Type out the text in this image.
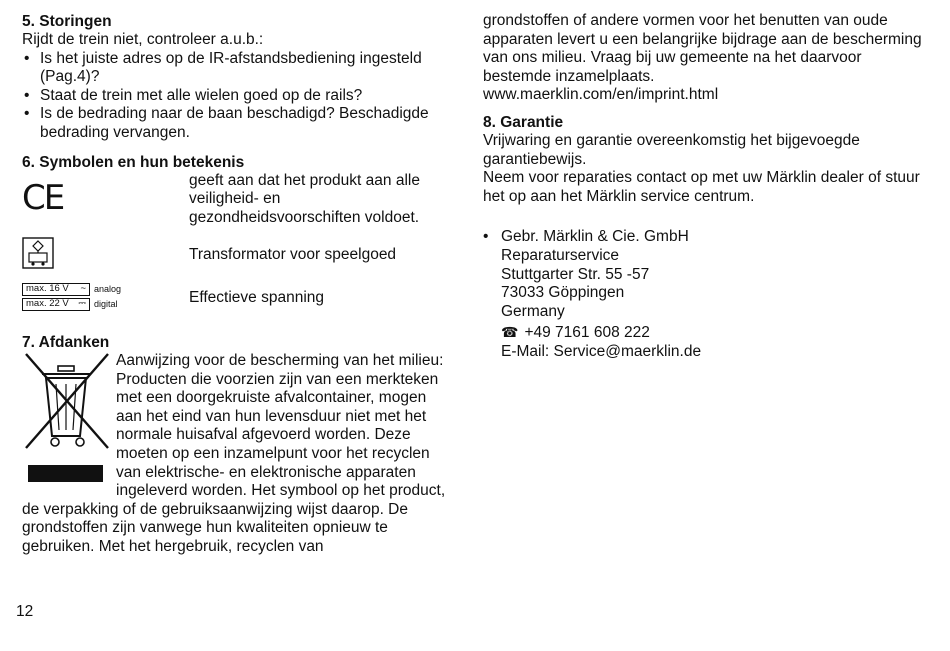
5. Storingen

Rijdt de trein niet, controleer a.u.b.:

• Is het juiste adres op de IR-afstandsbediening ingesteld (Pag.4)?
• Staat de trein met alle wielen goed op de rails?
• Is de bedrading naar de baan beschadigd? Beschadigde bedrading vervangen.
6. Symbolen en hun betekenis
CE	geeft aan dat het produkt aan alle veiligheid- en gezondheidsvoorschiften voldoet.
Transformator voor speelgoed
max. 16 V ~ analog
max. 22 V ⎓ digital	Effectieve spanning
7. Afdanken

Aanwijzing voor de bescherming van het milieu: Producten die voorzien zijn van een merkteken met een doorgekruiste afvalcontainer, mogen aan het eind van hun levensduur niet met het normale huisafval afgevoerd worden. Deze moeten op een inzamelpunt voor het recyclen van elektrische- en elektronische apparaten ingeleverd worden. Het symbool op het product, de verpakking of de gebruiksaanwijzing wijst daarop. De grondstoffen zijn vanwege hun kwaliteiten opnieuw te gebruiken. Met het hergebruik, recyclen van

grondstoffen of andere vormen voor het benutten van oude apparaten levert u een belangrijke bijdrage aan de bescherming van ons milieu. Vraag bij uw gemeente na het daarvoor bestemde inzamelplaats.

www.maerklin.com/en/imprint.html

8. Garantie

Vrijwaring en garantie overeenkomstig het bijgevoegde garantiebewijs.

Neem voor reparaties contact op met uw Märklin dealer of stuur het op aan het Märklin service centrum.

• Gebr. Märklin & Cie. GmbH
Reparaturservice
Stuttgarter Str. 55 -57
73033 Göppingen
Germany
☎ +49 7161 608 222
E-Mail: Service@maerklin.de
12
